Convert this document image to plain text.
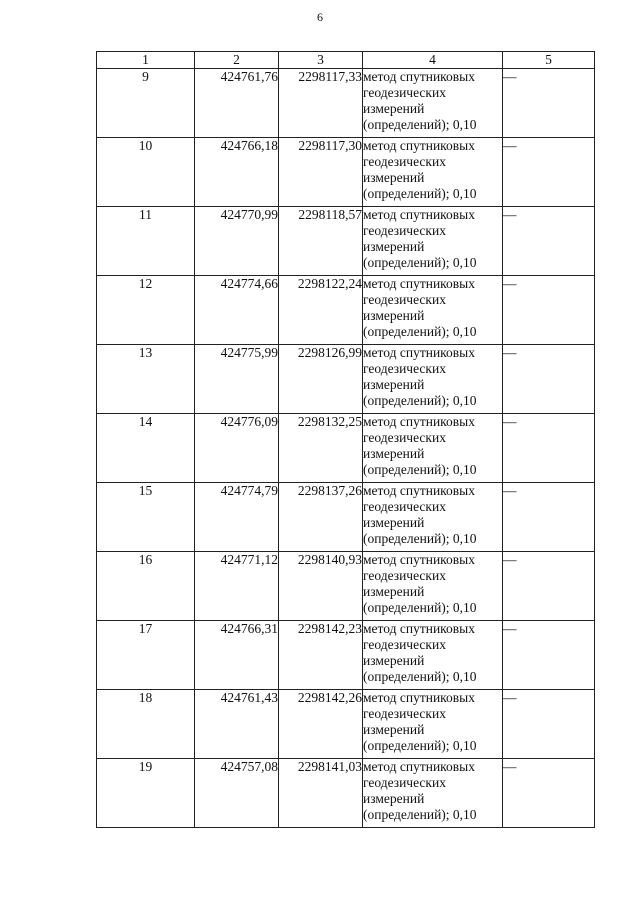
6
1	2	3	4	5
9	424761,76	2298117,33	метод спутниковых
геодезических
измерений
(определений); 0,10	—
10	424766,18	2298117,30	метод спутниковых
геодезических
измерений
(определений); 0,10	—
11	424770,99	2298118,57	метод спутниковых
геодезических
измерений
(определений); 0,10	—
12	424774,66	2298122,24	метод спутниковых
геодезических
измерений
(определений); 0,10	—
13	424775,99	2298126,99	метод спутниковых
геодезических
измерений
(определений); 0,10	—
14	424776,09	2298132,25	метод спутниковых
геодезических
измерений
(определений); 0,10	—
15	424774,79	2298137,26	метод спутниковых
геодезических
измерений
(определений); 0,10	—
16	424771,12	2298140,93	метод спутниковых
геодезических
измерений
(определений); 0,10	—
17	424766,31	2298142,23	метод спутниковых
геодезических
измерений
(определений); 0,10	—
18	424761,43	2298142,26	метод спутниковых
геодезических
измерений
(определений); 0,10	—
19	424757,08	2298141,03	метод спутниковых
геодезических
измерений
(определений); 0,10	—
